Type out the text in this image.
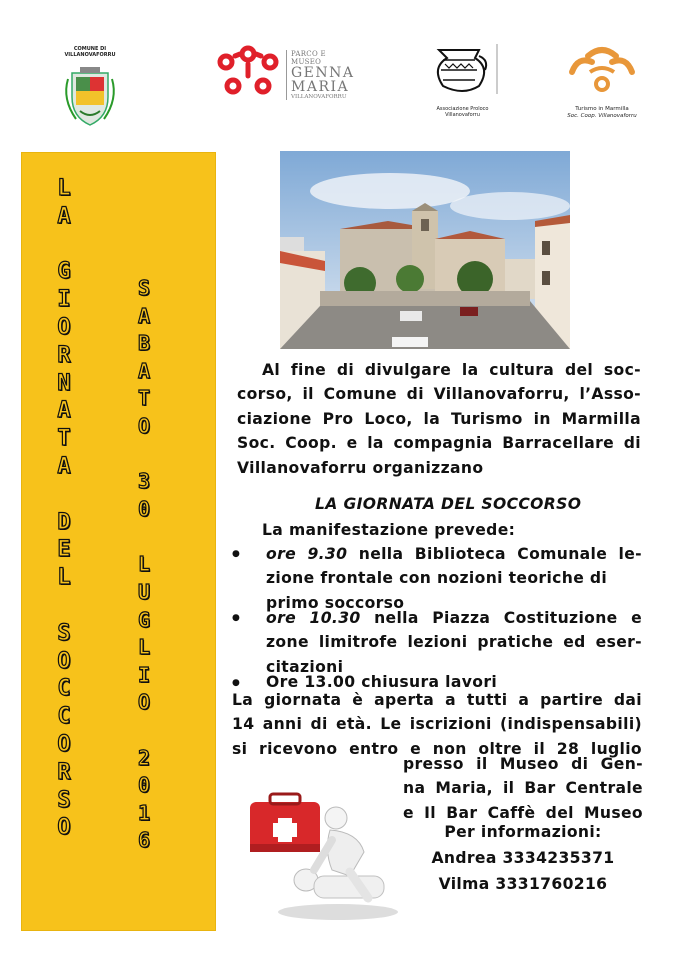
COMUNE DI VILLANOVAFORRU	PARCO E MUSEO
GENNA
MARIA
VILLANOVAFORRU
Associazione Proloco
Villanovaforru
Turismo in Marmilla
Soc. Coop. Villanovaforru
L
A
G
I
O
R
N
A
T
A
D
E
L
S
O
C
C
O
R
S
O
S
A
B
A
T
O
3
0
L
U
G
L
I
O
2
0
1
6
Al fine di divulgare la cultura del soc-
corso, il Comune di Villanovaforru, l’Asso-
ciazione Pro Loco, la Turismo in Marmilla
Soc. Coop. e la compagnia Barracellare di
Villanovaforru organizzano
LA GIORNATA DEL SOCCORSO
La manifestazione prevede:
● ore 9.30 nella Biblioteca Comunale le-
zione frontale con nozioni teoriche di
primo soccorso
● ore 10.30 nella Piazza Costituzione e
zone limitrofe lezioni pratiche ed eser-
citazioni
● Ore 13.00 chiusura lavori
La giornata è aperta a tutti a partire dai
14 anni di età. Le iscrizioni (indispensabili)
si ricevono entro e non oltre il 28 luglio
presso il Museo di Gen-
na Maria, il Bar Centrale
e Il Bar Caffè del Museo
Per informazioni:
Andrea 3334235371
Vilma 3331760216
